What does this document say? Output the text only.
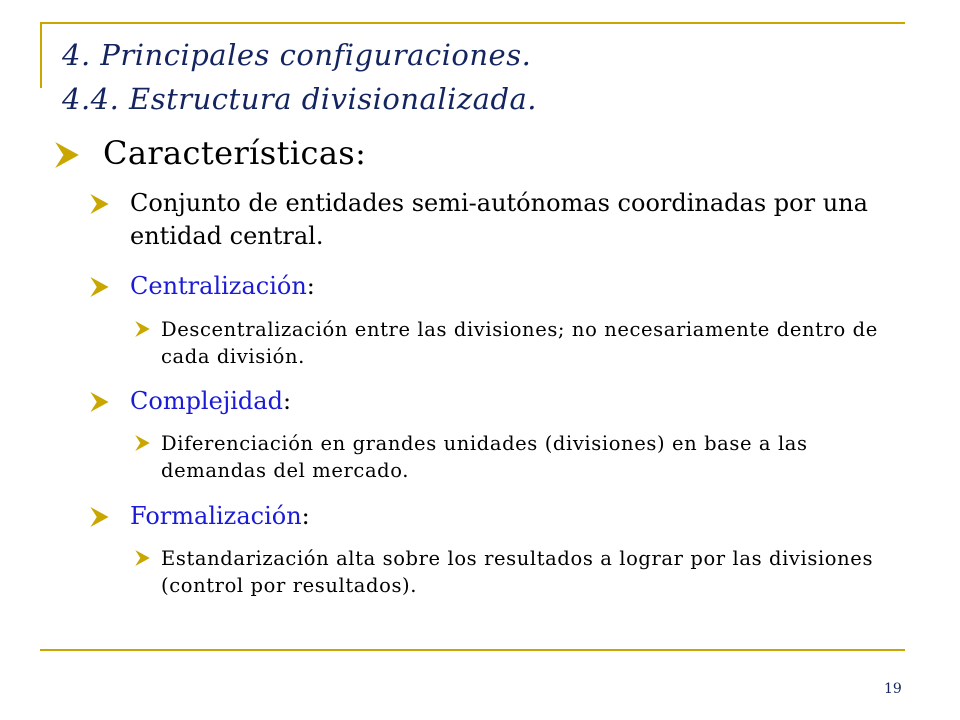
4. Principales configuraciones.
4.4. Estructura divisionalizada.
Características:
Conjunto de entidades semi-autónomas coordinadas por una entidad central.
Centralización:
Descentralización entre las divisiones; no necesariamente dentro de cada división.
Complejidad:
Diferenciación en grandes unidades (divisiones) en base a las demandas del mercado.
Formalización:
Estandarización alta sobre los resultados a lograr por las divisiones (control por resultados).
19
